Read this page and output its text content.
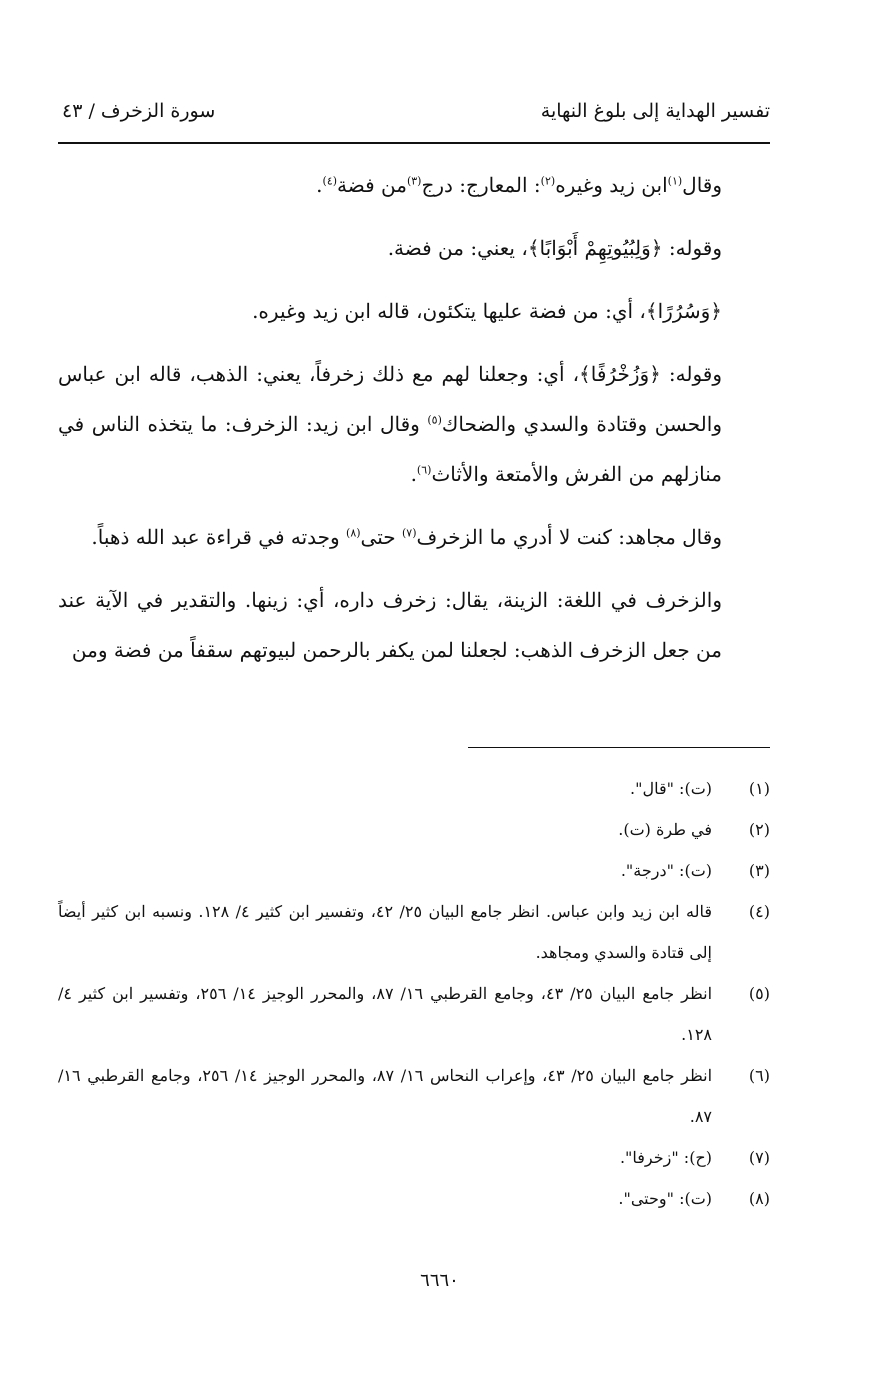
تفسير الهداية إلى بلوغ النهاية
سورة الزخرف / ٤٣

وقال$^{(١)}$ابن زيد وغيره$^{(٢)}$: المعارج: درج$^{(٣)}$من فضة$^{(٤)}$.

وقوله: ﴿وَلِبُيُوتِهِمْ أَبْوَابًا﴾، يعني: من فضة.

﴿وَسُرُرًا﴾، أي: من فضة عليها يتكئون، قاله ابن زيد وغيره.

وقوله: ﴿وَزُخْرُفًا﴾، أي: وجعلنا لهم مع ذلك زخرفاً، يعني: الذهب، قاله ابن عباس والحسن وقتادة والسدي والضحاك$^{(٥)}$ وقال ابن زيد: الزخرف: ما يتخذه الناس في منازلهم من الفرش والأمتعة والأثاث$^{(٦)}$.

وقال مجاهد: كنت لا أدري ما الزخرف$^{(٧)}$ حتى$^{(٨)}$ وجدته في قراءة عبد الله ذهباً.

والزخرف في اللغة: الزينة، يقال: زخرف داره، أي: زينها. والتقدير في الآية عند من جعل الزخرف الذهب: لجعلنا لمن يكفر بالرحمن لبيوتهم سقفاً من فضة ومن

(١)
(ت): "قال".
(٢)
في طرة (ت).
(٣)
(ت): "درجة".
(٤)
قاله ابن زيد وابن عباس. انظر جامع البيان ٢٥/ ٤٢، وتفسير ابن كثير ٤/ ١٢٨. ونسبه ابن كثير أيضاً إلى قتادة والسدي ومجاهد.
(٥)
انظر جامع البيان ٢٥/ ٤٣، وجامع القرطبي ١٦/ ٨٧، والمحرر الوجيز ١٤/ ٢٥٦، وتفسير ابن كثير ٤/ ١٢٨.
(٦)
انظر جامع البيان ٢٥/ ٤٣، وإعراب النحاس ١٦/ ٨٧، والمحرر الوجيز ١٤/ ٢٥٦، وجامع القرطبي ١٦/ ٨٧.
(٧)
(ح): "زخرفا".
(٨)
(ت): "وحتى".
٦٦٦٠
